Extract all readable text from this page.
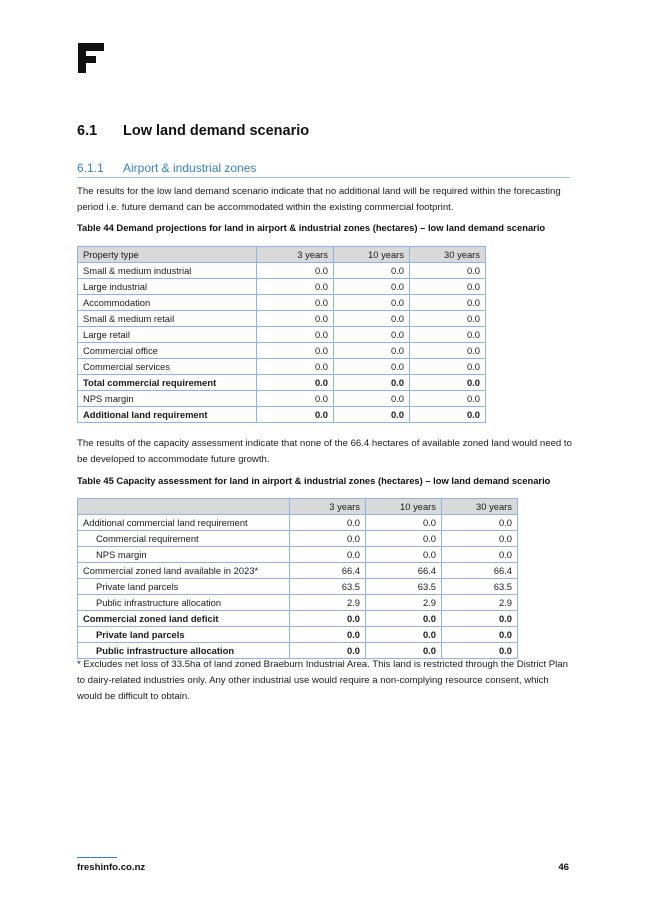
6.1 Low land demand scenario
6.1.1 Airport & industrial zones
The results for the low land demand scenario indicate that no additional land will be required within the forecasting period i.e. future demand can be accommodated within the existing commercial footprint.
Table 44 Demand projections for land in airport & industrial zones (hectares) – low land demand scenario
Property type	3 years	10 years	30 years
Small & medium industrial	0.0	0.0	0.0
Large industrial	0.0	0.0	0.0
Accommodation	0.0	0.0	0.0
Small & medium retail	0.0	0.0	0.0
Large retail	0.0	0.0	0.0
Commercial office	0.0	0.0	0.0
Commercial services	0.0	0.0	0.0
Total commercial requirement	0.0	0.0	0.0
NPS margin	0.0	0.0	0.0
Additional land requirement	0.0	0.0	0.0
The results of the capacity assessment indicate that none of the 66.4 hectares of available zoned land would need to be developed to accommodate future growth.
Table 45 Capacity assessment for land in airport & industrial zones (hectares) – low land demand scenario
	3 years	10 years	30 years
Additional commercial land requirement	0.0	0.0	0.0
Commercial requirement	0.0	0.0	0.0
NPS margin	0.0	0.0	0.0
Commercial zoned land available in 2023*	66.4	66.4	66.4
Private land parcels	63.5	63.5	63.5
Public infrastructure allocation	2.9	2.9	2.9
Commercial zoned land deficit	0.0	0.0	0.0
Private land parcels	0.0	0.0	0.0
Public infrastructure allocation	0.0	0.0	0.0
* Excludes net loss of 33.5ha of land zoned Braeburn Industrial Area. This land is restricted through the District Plan to dairy-related industries only. Any other industrial use would require a non-complying resource consent, which would be difficult to obtain.
freshinfo.co.nz	46
